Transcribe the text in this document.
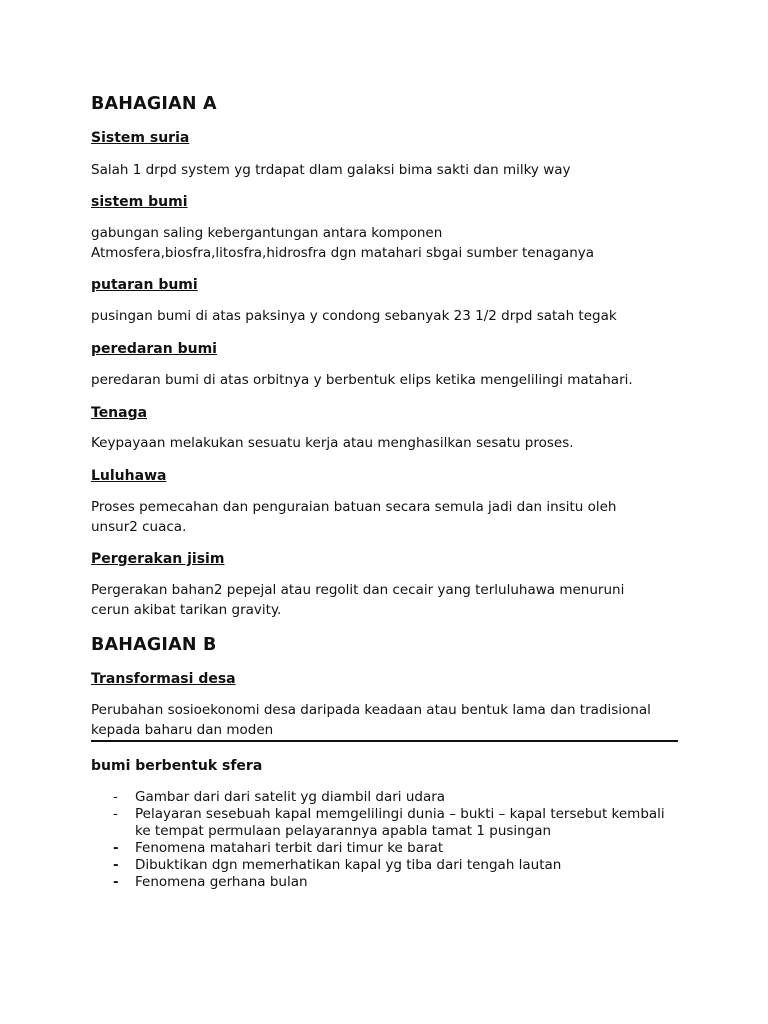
BAHAGIAN A
Sistem suria

Salah 1 drpd system yg trdapat dlam galaksi bima sakti dan milky way

sistem bumi

gabungan saling kebergantungan antara komponen
Atmosfera,biosfra,litosfra,hidrosfra dgn matahari sbgai sumber tenaganya

putaran bumi

pusingan bumi di atas paksinya y condong sebanyak 23 1/2 drpd satah tegak

peredaran bumi

peredaran bumi di atas orbitnya y berbentuk elips ketika mengelilingi matahari.

Tenaga

Keypayaan melakukan sesuatu kerja atau menghasilkan sesatu proses.

Luluhawa

Proses pemecahan dan penguraian batuan secara semula jadi dan insitu oleh
unsur2 cuaca.

Pergerakan jisim

Pergerakan bahan2 pepejal atau regolit dan cecair yang terluluhawa menuruni
cerun akibat tarikan gravity.

BAHAGIAN B
Transformasi desa

Perubahan sosioekonomi desa daripada keadaan atau bentuk lama dan tradisional
kepada baharu dan moden

bumi berbentuk sfera
- Gambar dari dari satelit yg diambil dari udara
- Pelayaran sesebuah kapal memgelilingi dunia – bukti – kapal tersebut kembali
ke tempat permulaan pelayarannya apabla tamat 1 pusingan
- Fenomena matahari terbit dari timur ke barat
- Dibuktikan dgn memerhatikan kapal yg tiba dari tengah lautan
- Fenomena gerhana bulan
